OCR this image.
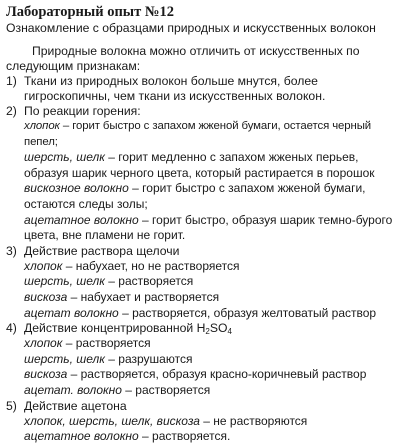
Лабораторный опыт №12
Ознакомление с образцами природных и искусственных волокон

Природные волокна можно отличить от искусственных по следующим признакам:

1) Ткани из природных волокон больше мнутся, более гигроскопичны, чем ткани из искусственных волокон.
2) По реакции горения:
хлопок – горит быстро с запахом жженой бумаги, остается черный пепел;
шерсть, шелк – горит медленно с запахом жженых перьев, образуя шарик черного цвета, который растирается в порошок
вискозное волокно – горит быстро с запахом жженой бумаги, остаются следы золы;
ацетатное волокно – горит быстро, образуя шарик темно-бурого цвета, вне пламени не горит.
3) Действие раствора щелочи
хлопок – набухает, но не растворяется
шерсть, шелк – растворяется
вискоза – набухает и растворяется
ацетат волокно – растворяется, образуя желтоватый раствор
4) Действие концентрированной $H_2SO_4$
хлопок – растворяется
шерсть, шелк – разрушаются
вискоза – растворяется, образуя красно-коричневый раствор
ацетат. волокно – растворяется
5) Действие ацетона
хлопок, шерсть, шелк, вискоза – не растворяются
ацетатное волокно – растворяется.
